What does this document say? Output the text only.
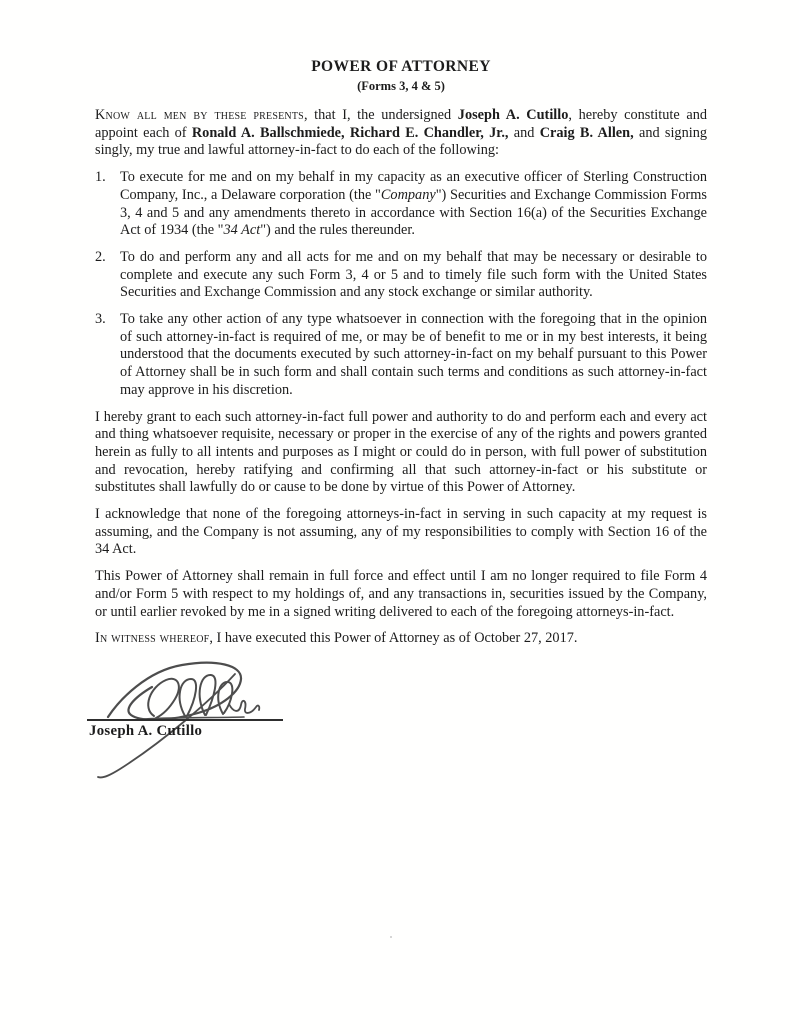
POWER OF ATTORNEY
(Forms 3, 4 & 5)

Know all men by these presents, that I, the undersigned Joseph A. Cutillo, hereby constitute and appoint each of Ronald A. Ballschmiede, Richard E. Chandler, Jr., and Craig B. Allen, and signing singly, my true and lawful attorney-in-fact to do each of the following:

1. To execute for me and on my behalf in my capacity as an executive officer of Sterling Construction Company, Inc., a Delaware corporation (the "Company") Securities and Exchange Commission Forms 3, 4 and 5 and any amendments thereto in accordance with Section 16(a) of the Securities Exchange Act of 1934 (the "34 Act") and the rules thereunder.
2. To do and perform any and all acts for me and on my behalf that may be necessary or desirable to complete and execute any such Form 3, 4 or 5 and to timely file such form with the United States Securities and Exchange Commission and any stock exchange or similar authority.
3. To take any other action of any type whatsoever in connection with the foregoing that in the opinion of such attorney-in-fact is required of me, or may be of benefit to me or in my best interests, it being understood that the documents executed by such attorney-in-fact on my behalf pursuant to this Power of Attorney shall be in such form and shall contain such terms and conditions as such attorney-in-fact may approve in his discretion.

I hereby grant to each such attorney-in-fact full power and authority to do and perform each and every act and thing whatsoever requisite, necessary or proper in the exercise of any of the rights and powers granted herein as fully to all intents and purposes as I might or could do in person, with full power of substitution and revocation, hereby ratifying and confirming all that such attorney-in-fact or his substitute or substitutes shall lawfully do or cause to be done by virtue of this Power of Attorney.

I acknowledge that none of the foregoing attorneys-in-fact in serving in such capacity at my request is assuming, and the Company is not assuming, any of my responsibilities to comply with Section 16 of the 34 Act.

This Power of Attorney shall remain in full force and effect until I am no longer required to file Form 4 and/or Form 5 with respect to my holdings of, and any transactions in, securities issued by the Company, or until earlier revoked by me in a signed writing delivered to each of the foregoing attorneys-in-fact.

In witness whereof, I have executed this Power of Attorney as of October 27, 2017.

Joseph A. Cutillo
